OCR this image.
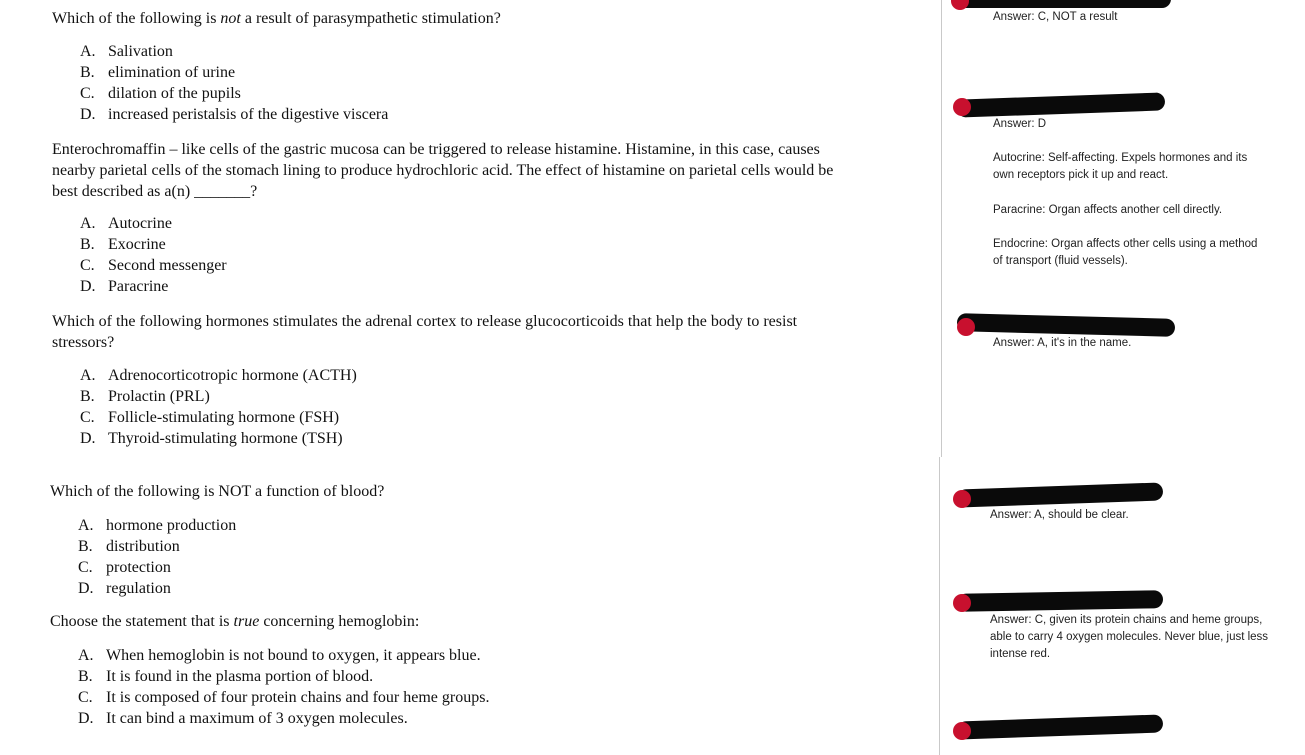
Which of the following is not a result of parasympathetic stimulation?
A. Salivation
B. elimination of urine
C. dilation of the pupils
D. increased peristalsis of the digestive viscera
Enterochromaffin – like cells of the gastric mucosa can be triggered to release histamine. Histamine, in this case, causes
nearby parietal cells of the stomach lining to produce hydrochloric acid. The effect of histamine on parietal cells would be
best described as a(n) _______?
A. Autocrine
B. Exocrine
C. Second messenger
D. Paracrine
Which of the following hormones stimulates the adrenal cortex to release glucocorticoids that help the body to resist
stressors?
A. Adrenocorticotropic hormone (ACTH)
B. Prolactin (PRL)
C. Follicle-stimulating hormone (FSH)
D. Thyroid-stimulating hormone (TSH)
Which of the following is NOT a function of blood?
A. hormone production
B. distribution
C. protection
D. regulation
Choose the statement that is true concerning hemoglobin:
A. When hemoglobin is not bound to oxygen, it appears blue.
B. It is found in the plasma portion of blood.
C. It is composed of four protein chains and four heme groups.
D. It can bind a maximum of 3 oxygen molecules.
Answer: C, NOT a result
Answer: D
Autocrine: Self-affecting. Expels hormones and its
own receptors pick it up and react.
Paracrine: Organ affects another cell directly.
Endocrine: Organ affects other cells using a method
of transport (fluid vessels).
Answer: A, it's in the name.
Answer: A, should be clear.
Answer: C, given its protein chains and heme groups,
able to carry 4 oxygen molecules. Never blue, just less
intense red.
